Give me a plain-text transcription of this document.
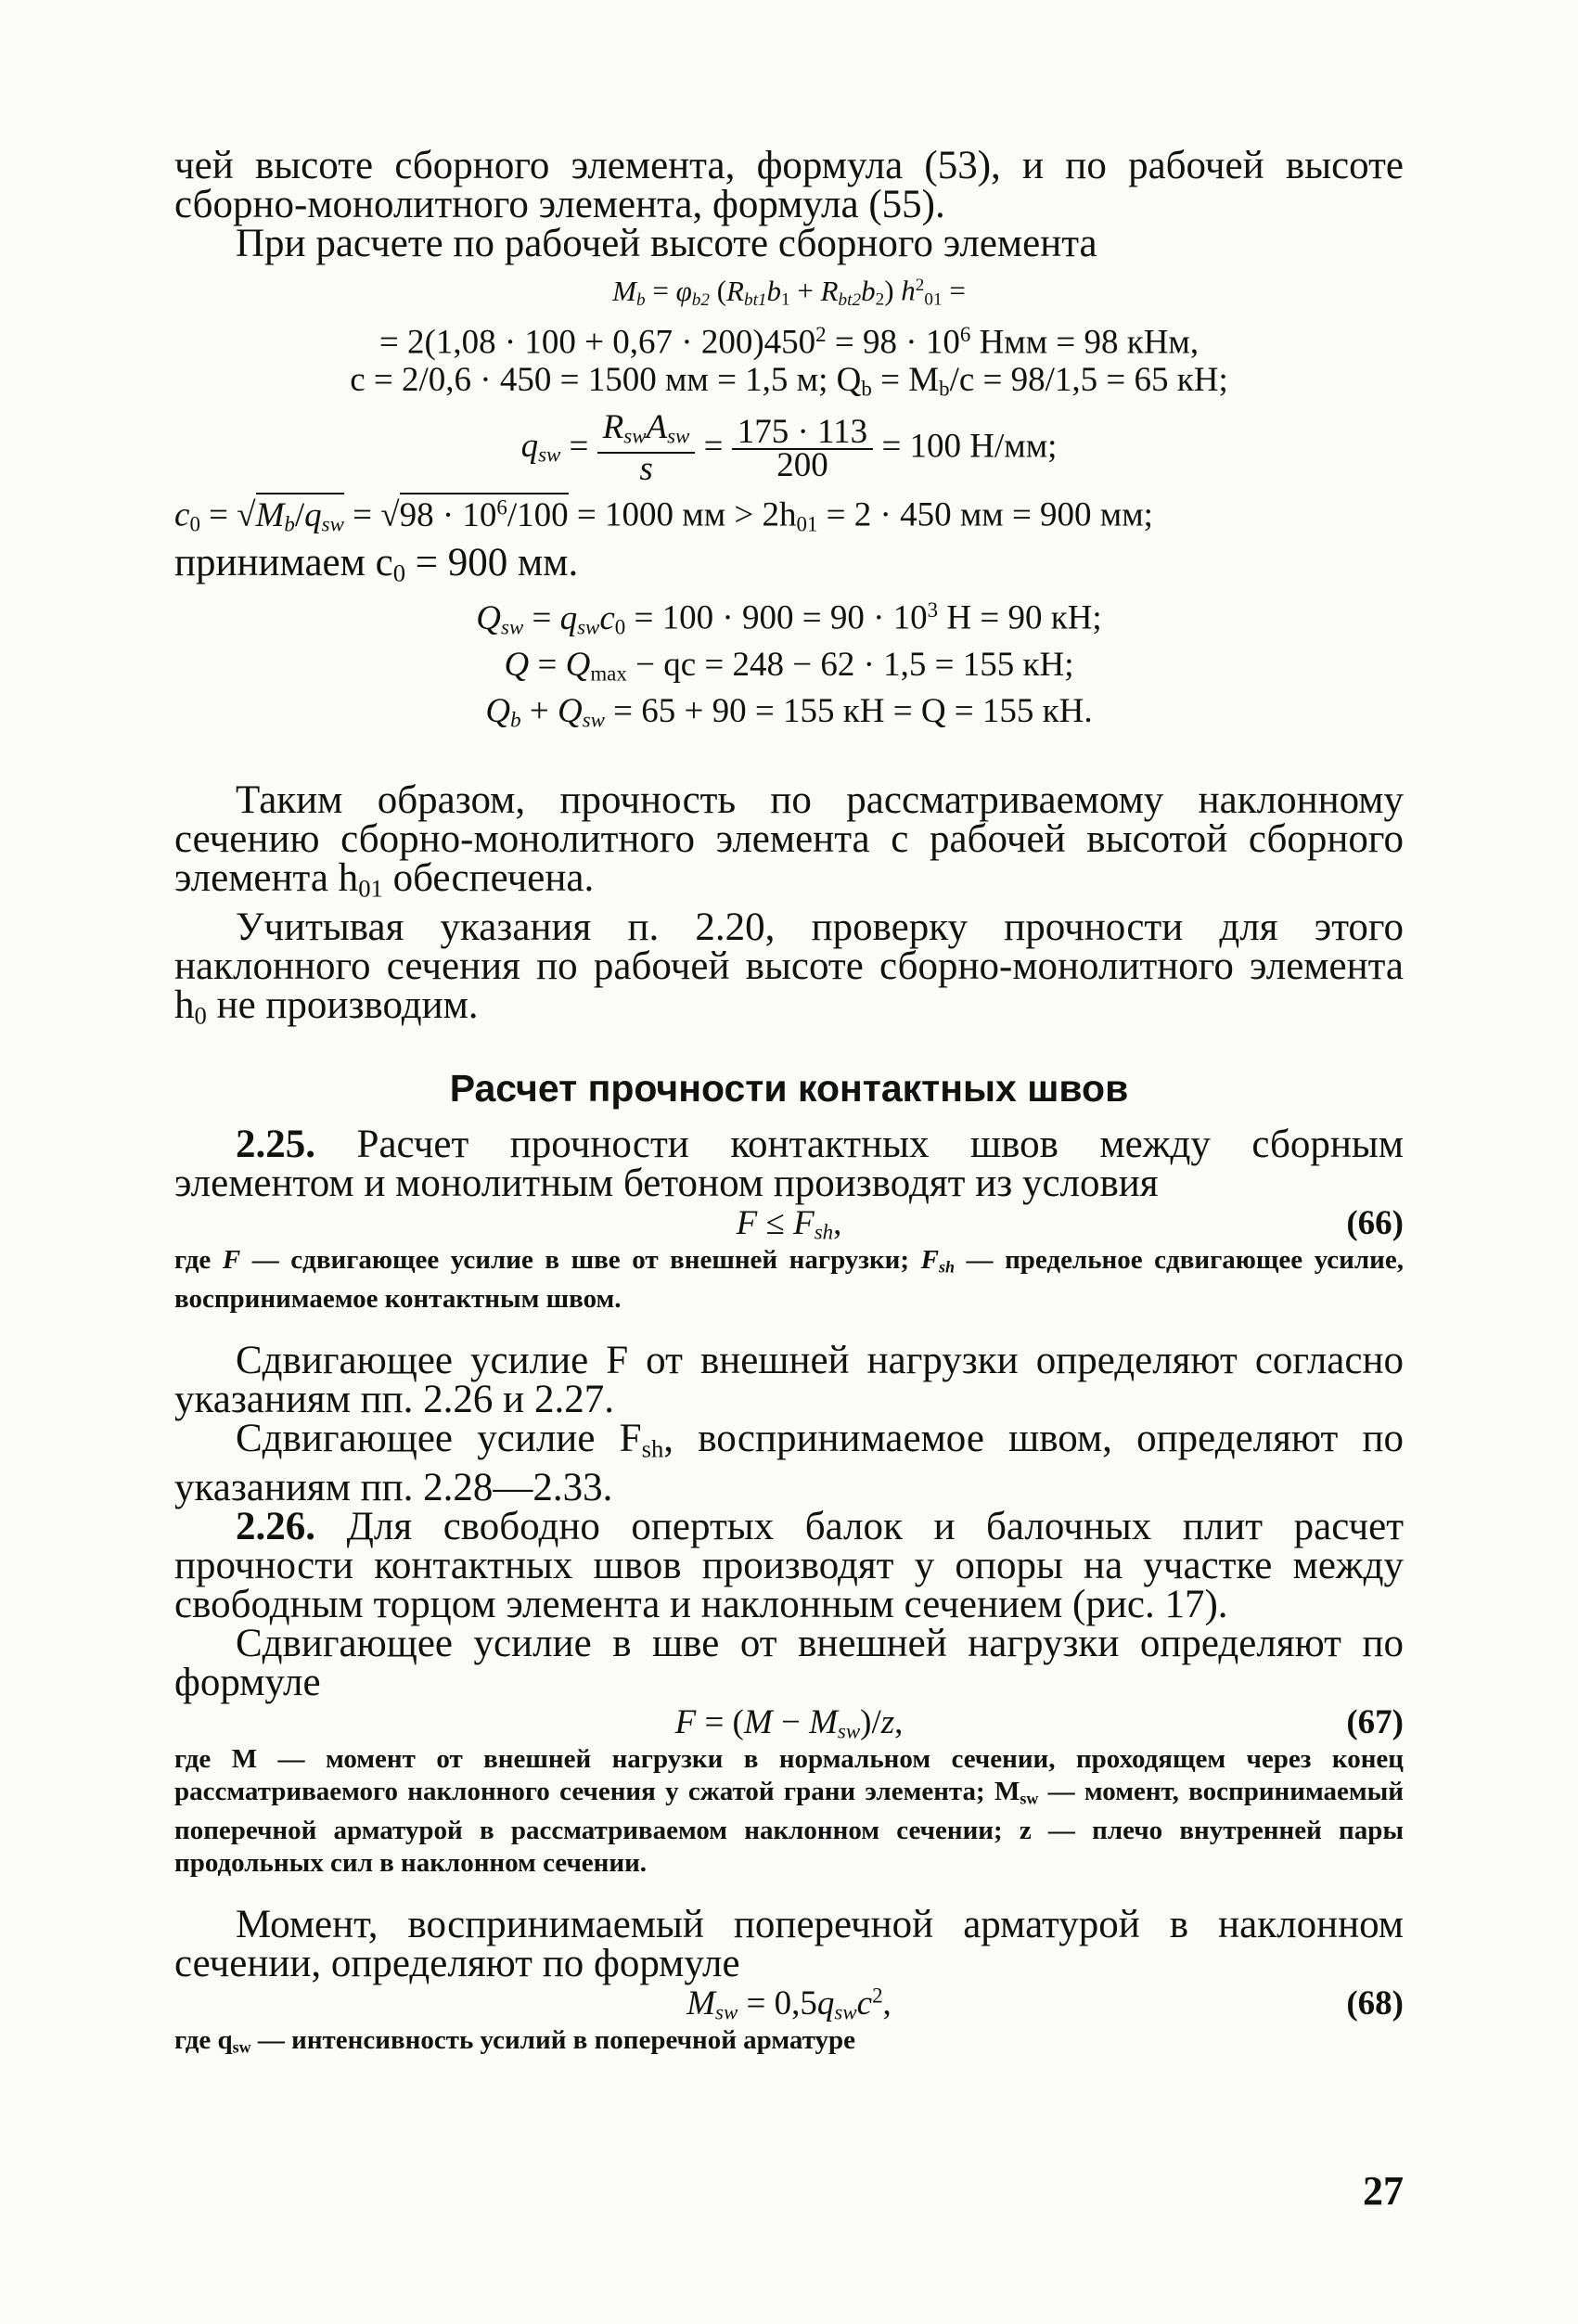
чей высоте сборного элемента, формула (53), и по рабочей высоте сборно-монолитного элемента, формула (55).

При расчете по рабочей высоте сборного элемента

$M_b = \varphi_{b2}$ $(R_{bt1}b_1 + R_{bt2}b_2) h^2_{01}$ =

= $2(1,08 \cdot 100 + 0,67 \cdot 200)450^2 = 98 \cdot 10^6$ Нмм = 98 кНм,

c = 2/0,6 · 450 = 1500 мм = 1,5 м; $Q_b = M_b/c = 98/1,5 = 65$ кН;

$q_{sw} = \frac{R_{sw}A_{sw}}{s} = \frac{175 \cdot 113}{200} = 100$ Н/мм;

$c_0 = √M_b/q_{sw} = √98 \cdot 10^6/100 = 1000$ мм > $2h_{01} = 2 \cdot 450$ мм = 900 мм;

принимаем $c_0 = 900$ мм.

$Q_{sw} = q_{sw}c_0 = 100 \cdot 900 = 90 \cdot 10^3$ H = 90 кН;

$Q = Q_{max}$ − qc = 248 − 62 · 1,5 = 155 кН;

$Q_b + Q_{sw} = 65 + 90 = 155$ кН = Q = 155 кН.

Таким образом, прочность по рассматриваемому наклонному сечению сборно-монолитного элемента с рабочей высотой сборного элемента $h_{01}$ обеспечена.

Учитывая указания п. 2.20, проверку прочности для этого наклонного сечения по рабочей высоте сборно-монолитного элемента $h_0$ не производим.

Расчет прочности контактных швов

2.25. Расчет прочности контактных швов между сборным элементом и монолитным бетоном производят из условия

$F \le F_{sh}$,	(66)

где F — сдвигающее усилие в шве от внешней нагрузки; $F_{sh}$ — предельное сдвигающее усилие, воспринимаемое контактным швом.

Сдвигающее усилие F от внешней нагрузки определяют согласно указаниям пп. 2.26 и 2.27.

Сдвигающее усилие $F_{sh}$, воспринимаемое швом, определяют по указаниям пп. 2.28—2.33.

2.26. Для свободно опертых балок и балочных плит расчет прочности контактных швов производят у опоры на участке между свободным торцом элемента и наклонным сечением (рис. 17).

Сдвигающее усилие в шве от внешней нагрузки определяют по формуле

$F = (M - M_{sw})/z$,	(67)

где M — момент от внешней нагрузки в нормальном сечении, проходящем через конец рассматриваемого наклонного сечения у сжатой грани элемента; $M_{sw}$ — момент, воспринимаемый поперечной арматурой в рассматриваемом наклонном сечении; z — плечо внутренней пары продольных сил в наклонном сечении.

Момент, воспринимаемый поперечной арматурой в наклонном сечении, определяют по формуле

$M_{sw} = 0,5q_{sw}c^2$,	(68)

где $q_{sw}$ — интенсивность усилий в поперечной арматуре

27
